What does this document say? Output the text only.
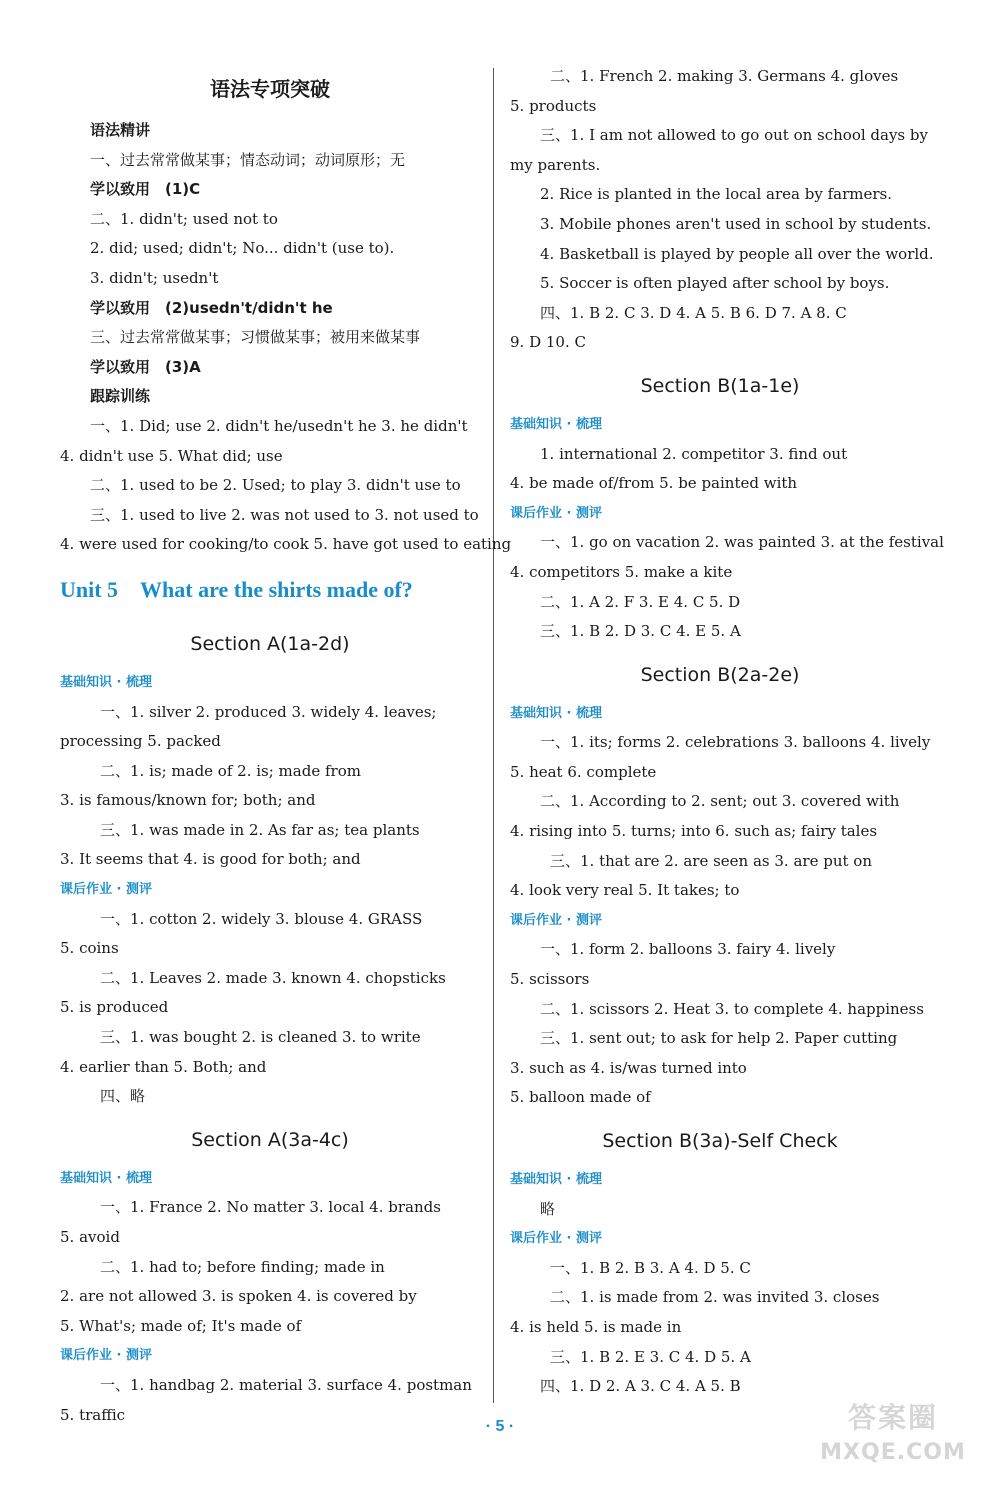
语法专项突破
语法精讲
一、过去常常做某事；情态动词；动词原形；无
学以致用　(1)C
二、1. didn't; used not to
2. did; used; didn't; No... didn't (use to).
3. didn't; usedn't
学以致用　(2)usedn't/didn't he
三、过去常常做某事；习惯做某事；被用来做某事
学以致用　(3)A
跟踪训练
一、1. Did; use 2. didn't he/usedn't he 3. he didn't
4. didn't use 5. What did; use
二、1. used to be 2. Used; to play 3. didn't use to
三、1. used to live 2. was not used to 3. not used to
4. were used for cooking/to cook 5. have got used to eating
Unit 5　What are the shirts made of?
Section A(1a-2d)
基础知识 · 梳理
一、1. silver 2. produced 3. widely 4. leaves;
processing 5. packed
二、1. is; made of 2. is; made from
3. is famous/known for; both; and
三、1. was made in 2. As far as; tea plants
3. It seems that 4. is good for both; and
课后作业 · 测评
一、1. cotton 2. widely 3. blouse 4. GRASS
5. coins
二、1. Leaves 2. made 3. known 4. chopsticks
5. is produced
三、1. was bought 2. is cleaned 3. to write
4. earlier than 5. Both; and
四、略
Section A(3a-4c)
基础知识 · 梳理
一、1. France 2. No matter 3. local 4. brands
5. avoid
二、1. had to; before finding; made in
2. are not allowed 3. is spoken 4. is covered by
5. What's; made of; It's made of
课后作业 · 测评
一、1. handbag 2. material 3. surface 4. postman
5. traffic
二、1. French 2. making 3. Germans 4. gloves
5. products
三、1. I am not allowed to go out on school days by
my parents.
2. Rice is planted in the local area by farmers.
3. Mobile phones aren't used in school by students.
4. Basketball is played by people all over the world.
5. Soccer is often played after school by boys.
四、1. B 2. C 3. D 4. A 5. B 6. D 7. A 8. C
9. D 10. C
Section B(1a-1e)
基础知识 · 梳理
1. international 2. competitor 3. find out
4. be made of/from 5. be painted with
课后作业 · 测评
一、1. go on vacation 2. was painted 3. at the festival
4. competitors 5. make a kite
二、1. A 2. F 3. E 4. C 5. D
三、1. B 2. D 3. C 4. E 5. A
Section B(2a-2e)
基础知识 · 梳理
一、1. its; forms 2. celebrations 3. balloons 4. lively
5. heat 6. complete
二、1. According to 2. sent; out 3. covered with
4. rising into 5. turns; into 6. such as; fairy tales
三、1. that are 2. are seen as 3. are put on
4. look very real 5. It takes; to
课后作业 · 测评
一、1. form 2. balloons 3. fairy 4. lively
5. scissors
二、1. scissors 2. Heat 3. to complete 4. happiness
三、1. sent out; to ask for help 2. Paper cutting
3. such as 4. is/was turned into
5. balloon made of
Section B(3a)-Self Check
基础知识 · 梳理
略
课后作业 · 测评
一、1. B 2. B 3. A 4. D 5. C
二、1. is made from 2. was invited 3. closes
4. is held 5. is made in
三、1. B 2. E 3. C 4. D 5. A
四、1. D 2. A 3. C 4. A 5. B
· 5 ·	答案圈
MXQE.COM
